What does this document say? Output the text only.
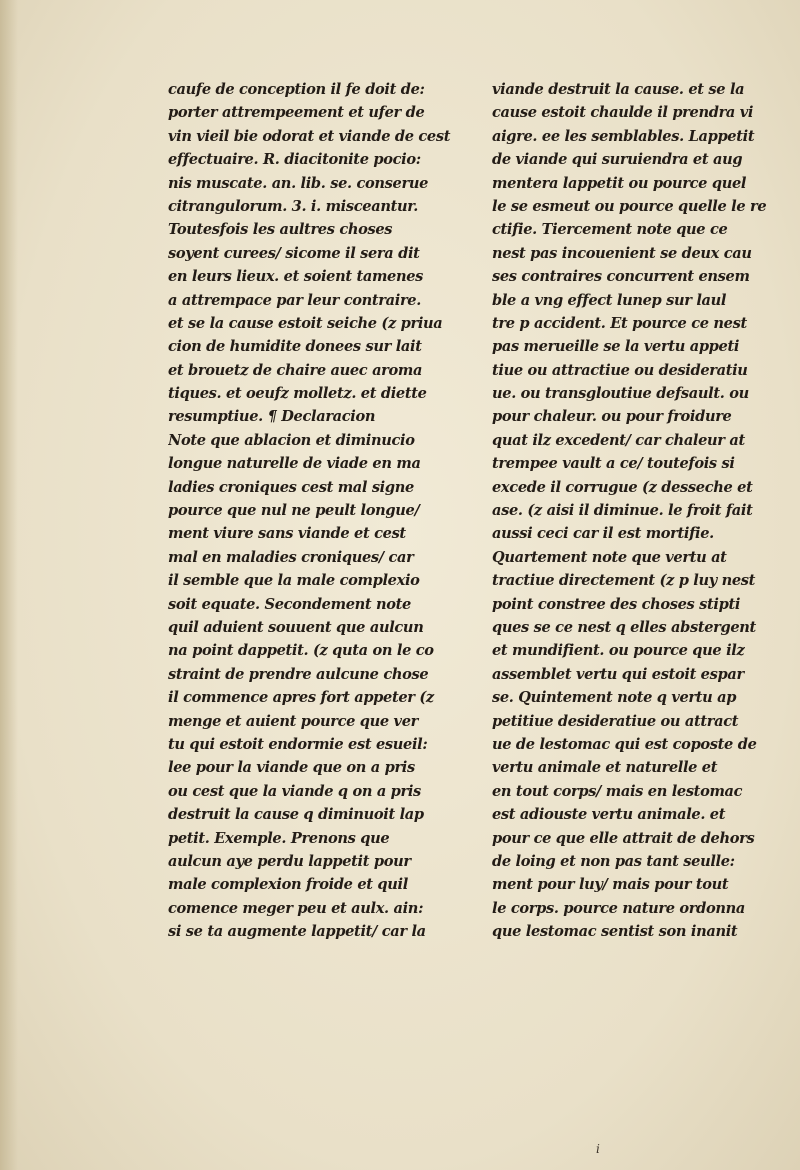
caufe de conception il fe doit de:
porter attrempeement et ufer de
vin vieil bie odorat et viande de cest
effectuaire. R. diacitonite pocio:
nis muscate. an. lib. se. conserue
citrangulorum. 3. i. misceantur.
Toutesfois les aultres choses
soyent curees/ sicome il sera dit
en leurs lieux. et soient tamenes
a attrempace par leur contraire.
et se la cause estoit seiche (z priua
cion de humidite donees sur lait
et brouetz de chaire auec aroma
tiques. et oeufz molletz. et diette
resumptiue. ¶ Declaracion
Note que ablacion et diminucio
longue naturelle de viade en ma
ladies croniques cest mal signe
pource que nul ne peult longue/
ment viure sans viande et cest
mal en maladies croniques/ car
il semble que la male complexio
soit equate. Secondement note
quil aduient souuent que aulcun
na point dappetit. (z quta on le co
straint de prendre aulcune chose
il commence apres fort appeter (z
menge et auient pource que ver
tu qui estoit endormie est esueil:
lee pour la viande que on a pris
ou cest que la viande q on a pris
destruit la cause q diminuoit lap
petit. Exemple. Prenons que
aulcun aye perdu lappetit pour
male complexion froide et quil
comence meger peu et aulx. ain:
si se ta augmente lappetit/ car la
viande destruit la cause. et se la
cause estoit chaulde il prendra vi
aigre. ee les semblables. Lappetit
de viande qui suruiendra et aug
mentera lappetit ou pource quel
le se esmeut ou pource quelle le re
ctifie. Tiercement note que ce
nest pas incouenient se deux cau
ses contraires concurrent ensem
ble a vng effect lunep sur laul
tre p accident. Et pource ce nest
pas merueille se la vertu appeti
tiue ou attractiue ou desideratiu
ue. ou transgloutiue defsault. ou
pour chaleur. ou pour froidure
quat ilz excedent/ car chaleur at
trempee vault a ce/ toutefois si
excede il corrugue (z desseche et
ase. (z aisi il diminue. le froit fait
aussi ceci car il est mortifie.
Quartement note que vertu at
tractiue directement (z p luy nest
point constree des choses stipti
ques se ce nest q elles abstergent
et mundifient. ou pource que ilz
assemblet vertu qui estoit espar
se. Quintement note q vertu ap
petitiue desideratiue ou attract
ue de lestomac qui est coposte de
vertu animale et naturelle et
en tout corps/ mais en lestomac
est adiouste vertu animale. et
pour ce que elle attrait de dehors
de loing et non pas tant seulle:
ment pour luy/ mais pour tout
le corps. pource nature ordonna
que lestomac sentist son inanit
i
